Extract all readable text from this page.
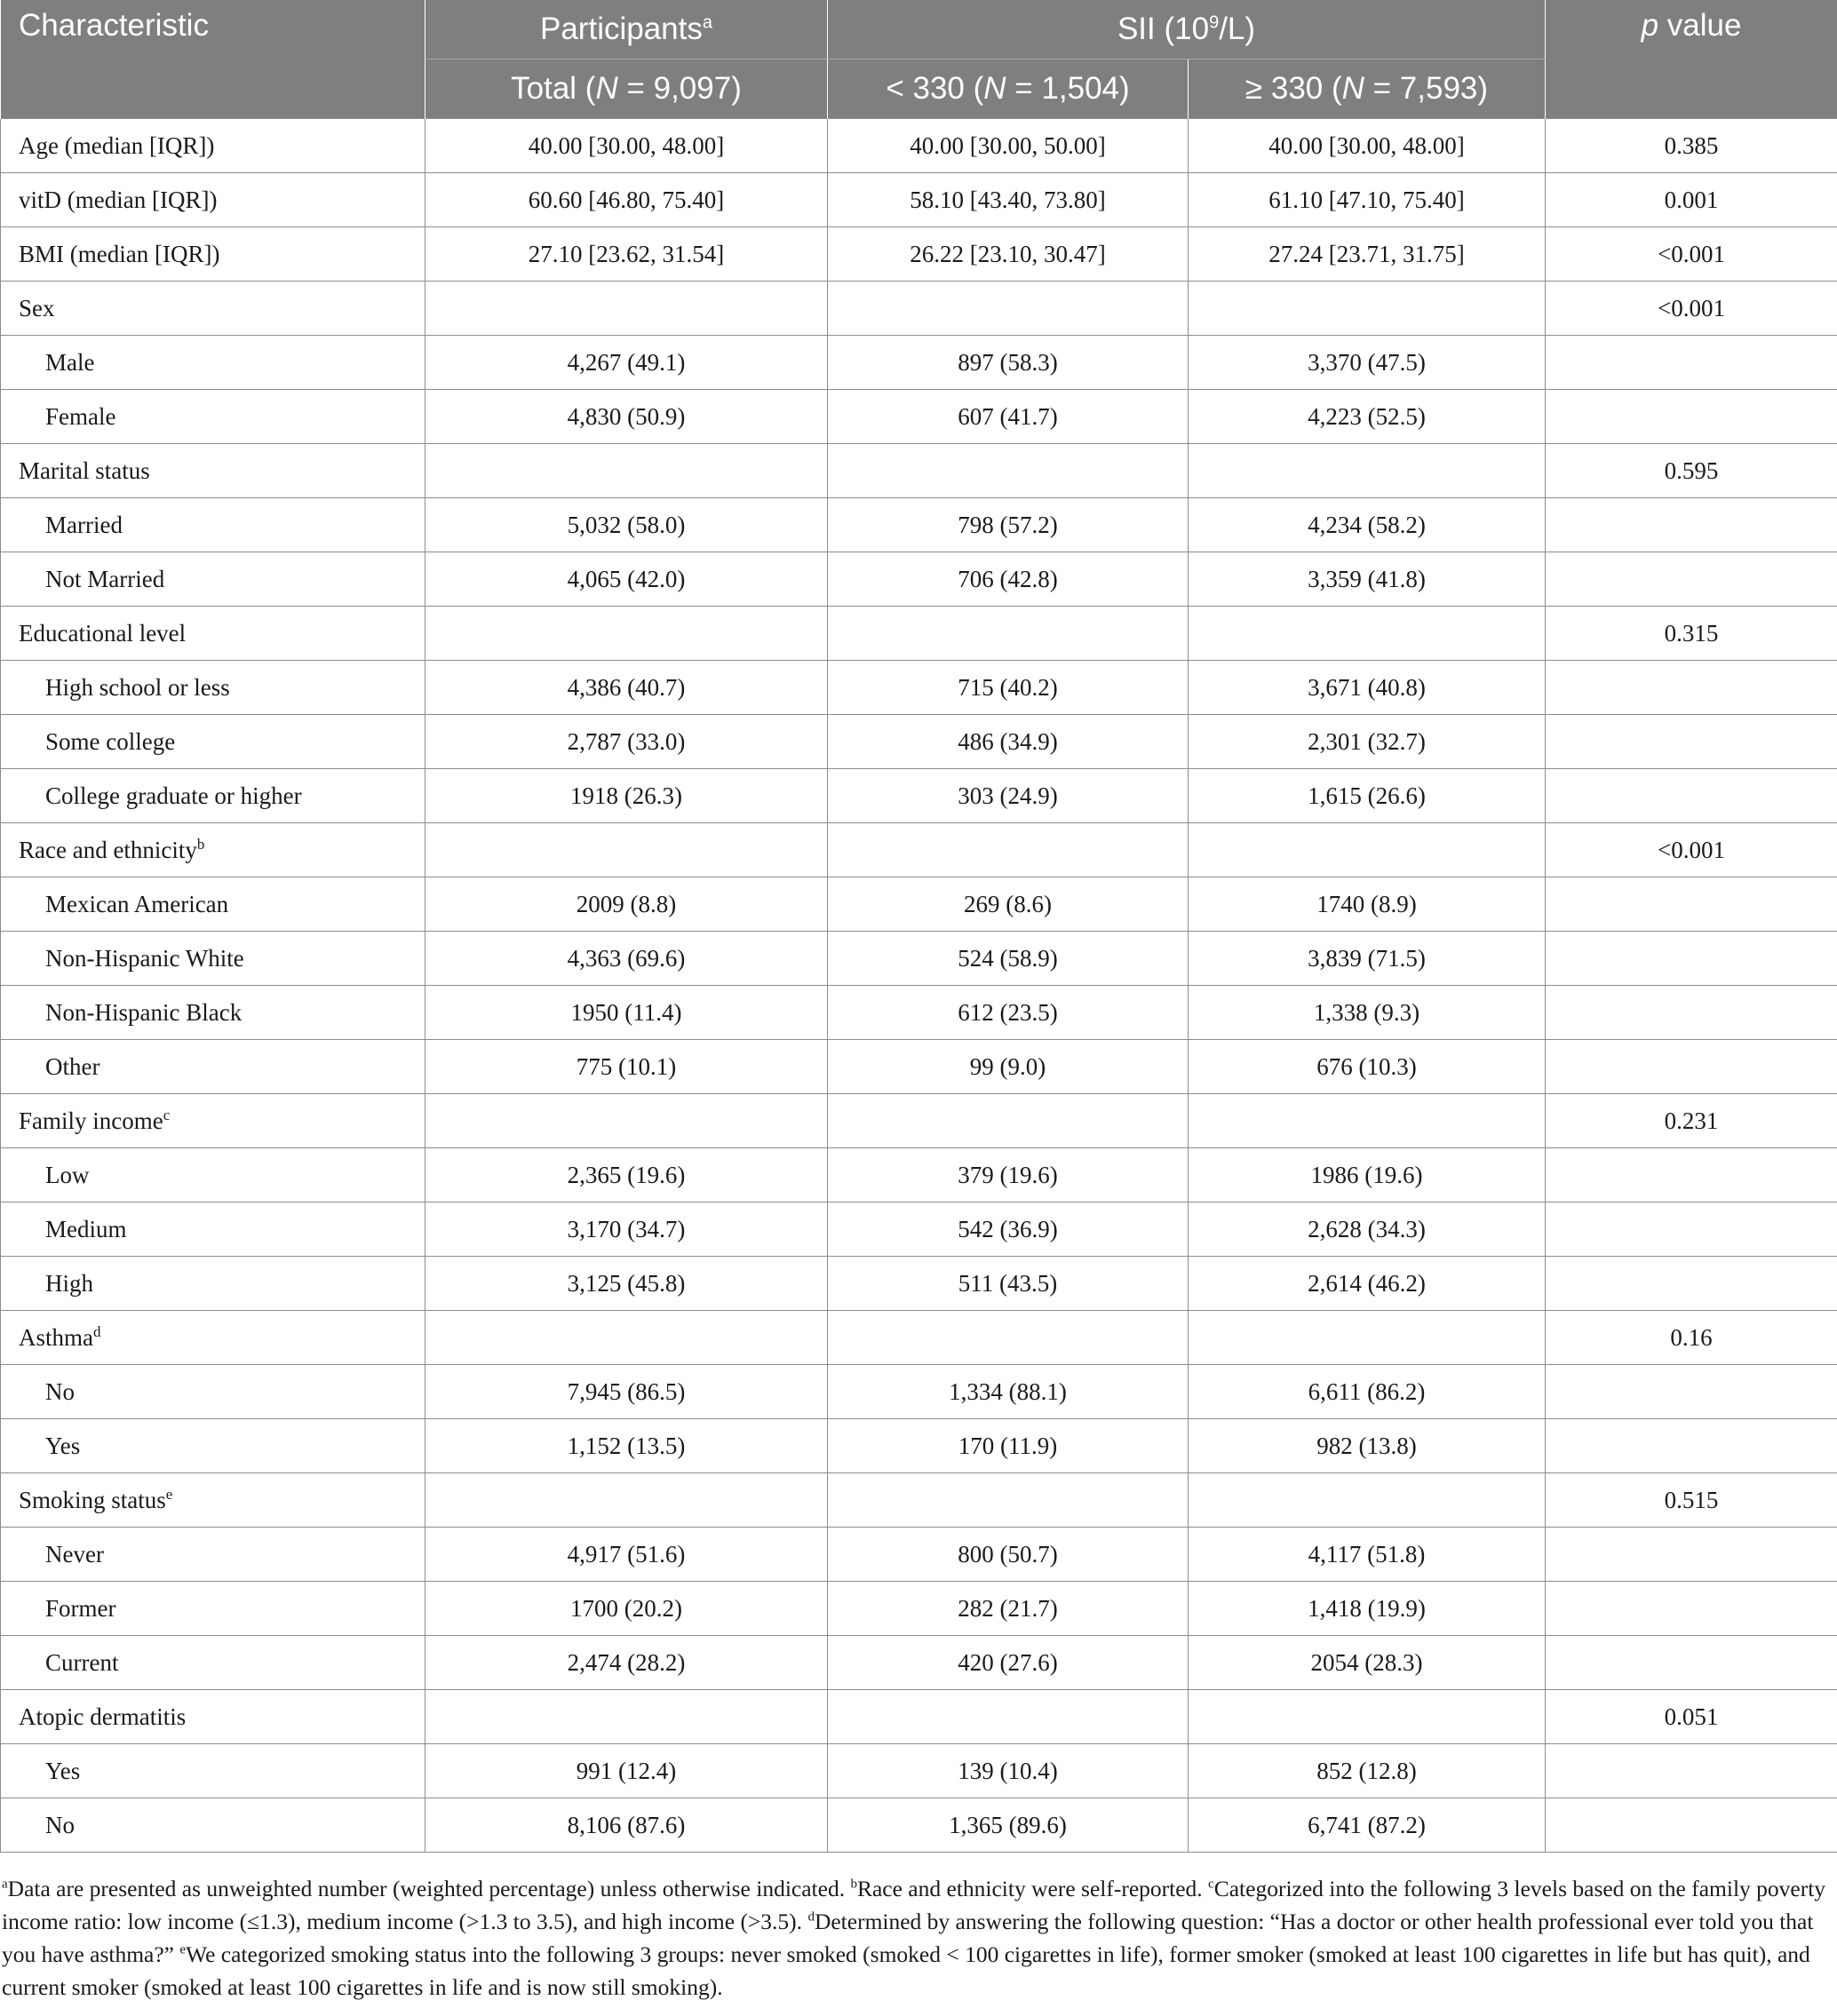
Characteristic	Participants$^a$	SII $(10^9/L)$		p value
	Total (N = 9,097)	< 330 (N = 1,504)	≥ 330 (N = 7,593)	
Age (median [IQR])	40.00 [30.00, 48.00]	40.00 [30.00, 50.00]	40.00 [30.00, 48.00]	0.385
vitD (median [IQR])	60.60 [46.80, 75.40]	58.10 [43.40, 73.80]	61.10 [47.10, 75.40]	0.001
BMI (median [IQR])	27.10 [23.62, 31.54]	26.22 [23.10, 30.47]	27.24 [23.71, 31.75]	<0.001
Sex				<0.001
Male	4,267 (49.1)	897 (58.3)	3,370 (47.5)	
Female	4,830 (50.9)	607 (41.7)	4,223 (52.5)	
Marital status				0.595
Married	5,032 (58.0)	798 (57.2)	4,234 (58.2)	
Not Married	4,065 (42.0)	706 (42.8)	3,359 (41.8)	
Educational level				0.315
High school or less	4,386 (40.7)	715 (40.2)	3,671 (40.8)	
Some college	2,787 (33.0)	486 (34.9)	2,301 (32.7)	
College graduate or higher	1918 (26.3)	303 (24.9)	1,615 (26.6)	
Race and ethnicity$^b$				<0.001
Mexican American	2009 (8.8)	269 (8.6)	1740 (8.9)	
Non-Hispanic White	4,363 (69.6)	524 (58.9)	3,839 (71.5)	
Non-Hispanic Black	1950 (11.4)	612 (23.5)	1,338 (9.3)	
Other	775 (10.1)	99 (9.0)	676 (10.3)	
Family income$^c$				0.231
Low	2,365 (19.6)	379 (19.6)	1986 (19.6)	
Medium	3,170 (34.7)	542 (36.9)	2,628 (34.3)	
High	3,125 (45.8)	511 (43.5)	2,614 (46.2)	
Asthma$^d$				0.16
No	7,945 (86.5)	1,334 (88.1)	6,611 (86.2)	
Yes	1,152 (13.5)	170 (11.9)	982 (13.8)	
Smoking status$^e$				0.515
Never	4,917 (51.6)	800 (50.7)	4,117 (51.8)	
Former	1700 (20.2)	282 (21.7)	1,418 (19.9)	
Current	2,474 (28.2)	420 (27.6)	2054 (28.3)	
Atopic dermatitis				0.051
Yes	991 (12.4)	139 (10.4)	852 (12.8)	
No	8,106 (87.6)	1,365 (89.6)	6,741 (87.2)	
$^a$Data are presented as unweighted number (weighted percentage) unless otherwise indicated. $^b$Race and ethnicity were self-reported. $^c$Categorized into the following 3 levels based on the family poverty income ratio: low income (≤1.3), medium income (>1.3 to 3.5), and high income (>3.5). $^d$Determined by answering the following question: “Has a doctor or other health professional ever told you that you have asthma?” $^e$We categorized smoking status into the following 3 groups: never smoked (smoked < 100 cigarettes in life), former smoker (smoked at least 100 cigarettes in life but has quit), and current smoker (smoked at least 100 cigarettes in life and is now still smoking).
